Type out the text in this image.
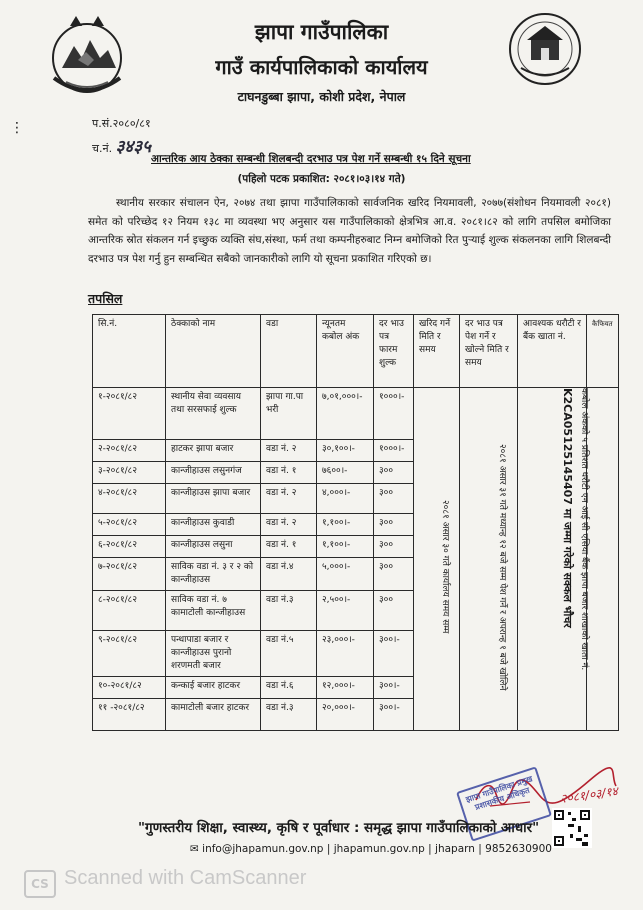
झापा गाउँपालिका
गाउँ कार्यपालिकाको कार्यालय
टाघनडुब्बा झापा, कोशी प्रदेश, नेपाल
⋮	प.सं.२०८०/८१
च.नं. ३४३५
आन्तरिक आय ठेक्का सम्बन्धी शिलबन्दी दरभाउ पत्र पेश गर्ने सम्बन्धी १५ दिने सूचना
(पहिलो पटक प्रकाशित: २०८१।०३।१४ गते)
स्थानीय सरकार संचालन ऐन, २०७४ तथा झापा गाउँपालिकाको सार्वजनिक खरिद नियमावली, २०७७(संशोधन नियमावली २०८१) समेत को परिच्छेद १२ नियम १३८ मा व्यवस्था भए अनुसार यस गाउँपालिकाको क्षेत्रभित्र आ.व. २०८१।८२ को लागि तपसिल बमोजिका आन्तरिक स्रोत संकलन गर्न इच्छुक व्यक्ति संघ,संस्था, फर्म तथा कम्पनीहरुबाट निम्न बमोजिको रित पुर्‍याई शुल्क संकलनका लागि शिलबन्दी दरभाउ पत्र पेश गर्नु हुन सम्बन्धित सबैको जानकारीको लागि यो सूचना प्रकाशित गरिएको छ।
तपसिल
सि.नं.	ठेक्काको नाम	वडा	न्यूनतम कबोल अंक	दर भाउ पत्र फारम शुल्क	खरिद गर्ने मिति र समय	दर भाउ पत्र पेश गर्ने र खोल्ने मिति र समय	आवश्यक धरौटी र बैंक खाता नं.	कैफियत
१-२०८१/८२	स्थानीय सेवा व्यवसाय तथा सरसफाई शुल्क	झापा गा.पा भरी	७,०१,०००।-	१०००।-				
२-२०८१/८२	हाटकर झापा बजार	वडा नं. २	३०,१००।-	१०००।-				
३-२०८१/८२	कान्जीहाउस लसुनगंज	वडा नं. १	७६००।-	३००				
४-२०८१/८२	कान्जीहाउस झापा बजार	वडा नं. २	४,०००।-	३००				
५-२०८१/८२	कान्जीहाउस कुवाडी	वडा नं. २	१,१००।-	३००				
६-२०८१/८२	कान्जीहाउस लसुना	वडा नं. १	१,१००।-	३००				
७-२०८१/८२	साविक वडा नं. ३ र २ को कान्जीहाउस	वडा नं.४	५,०००।-	३००				
८-२०८१/८२	साविक वडा नं. ७ कामाटोली कान्जीहाउस	वडा नं.३	२,५००।-	३००				
९-२०८१/८२	पन्धापाडा बजार र कान्जीहाउस पुरानो शरणमती बजार	वडा नं.५	२३,०००।-	३००।-				
१०-२०८१/८२	कन्काई बजार हाटकर	वडा नं.६	१२,०००।-	३००।-				
११ -२०८१/८२	कामाटोली बजार हाटकर	वडा नं.३	२०,०००।-	३००।-				
२०८१ असार ३० गते कार्यालय समय सम्म	२०८१ असार ३१ गते मध्यान्ह १२ बजे सम्म पेश गर्ने र अपरान्ह १ बजे खोलिने	कबोल अंकको ५ प्रतिशत धरौटी एन आई सी एसिया बैंक झापा बजार शाखाको खाता नं.
K2CA05125145407 मा जम्मा गरेको सक्कल भौचर
झापा गाउँपालिका प्रमुख प्रशासकीय अधिकृत	२०८१/०३/१४
"गुणस्तरीय शिक्षा, स्वास्थ्य, कृषि र पूर्वाधार : समृद्ध झापा गाउँपालिकाको आधार"
✉ info@jhapamun.gov.np | jhapamun.gov.np | jhaparn | 9852630900
CS Scanned with CamScanner
